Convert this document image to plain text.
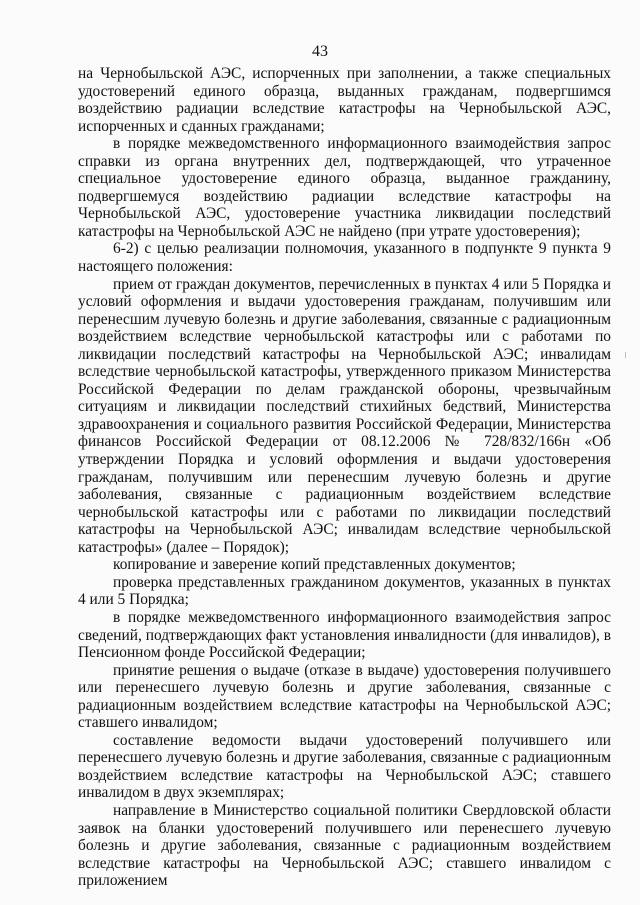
43

на Чернобыльской АЭС, испорченных при заполнении, а также специальных удостоверений единого образца, выданных гражданам, подвергшимся воздействию радиации вследствие катастрофы на Чернобыльской АЭС, испорченных и сданных гражданами;

в порядке межведомственного информационного взаимодействия запрос справки из органа внутренних дел, подтверждающей, что утраченное специальное удостоверение единого образца, выданное гражданину, подвергшемуся воздействию радиации вследствие катастрофы на Чернобыльской АЭС, удостоверение участника ликвидации последствий катастрофы на Чернобыльской АЭС не найдено (при утрате удостоверения);

6-2) с целью реализации полномочия, указанного в подпункте 9 пункта 9 настоящего положения:

прием от граждан документов, перечисленных в пунктах 4 или 5 Порядка и условий оформления и выдачи удостоверения гражданам, получившим или перенесшим лучевую болезнь и другие заболевания, связанные с радиационным воздействием вследствие чернобыльской катастрофы или с работами по ликвидации последствий катастрофы на Чернобыльской АЭС; инвалидам вследствие чернобыльской катастрофы, утвержденного приказом Министерства Российской Федерации по делам гражданской обороны, чрезвычайным ситуациям и ликвидации последствий стихийных бедствий, Министерства здравоохранения и социального развития Российской Федерации, Министерства финансов Российской Федерации от 08.12.2006 № 728/832/166н «Об утверждении Порядка и условий оформления и выдачи удостоверения гражданам, получившим или перенесшим лучевую болезнь и другие заболевания, связанные с радиационным воздействием вследствие чернобыльской катастрофы или с работами по ликвидации последствий катастрофы на Чернобыльской АЭС; инвалидам вследствие чернобыльской катастрофы» (далее – Порядок);

копирование и заверение копий представленных документов;

проверка представленных гражданином документов, указанных в пунктах 4 или 5 Порядка;

в порядке межведомственного информационного взаимодействия запрос сведений, подтверждающих факт установления инвалидности (для инвалидов), в Пенсионном фонде Российской Федерации;

принятие решения о выдаче (отказе в выдаче) удостоверения получившего или перенесшего лучевую болезнь и другие заболевания, связанные с радиационным воздействием вследствие катастрофы на Чернобыльской АЭС; ставшего инвалидом;

составление ведомости выдачи удостоверений получившего или перенесшего лучевую болезнь и другие заболевания, связанные с радиационным воздействием вследствие катастрофы на Чернобыльской АЭС; ставшего инвалидом в двух экземплярах;

направление в Министерство социальной политики Свердловской области заявок на бланки удостоверений получившего или перенесшего лучевую болезнь и другие заболевания, связанные с радиационным воздействием вследствие катастрофы на Чернобыльской АЭС; ставшего инвалидом с приложением
